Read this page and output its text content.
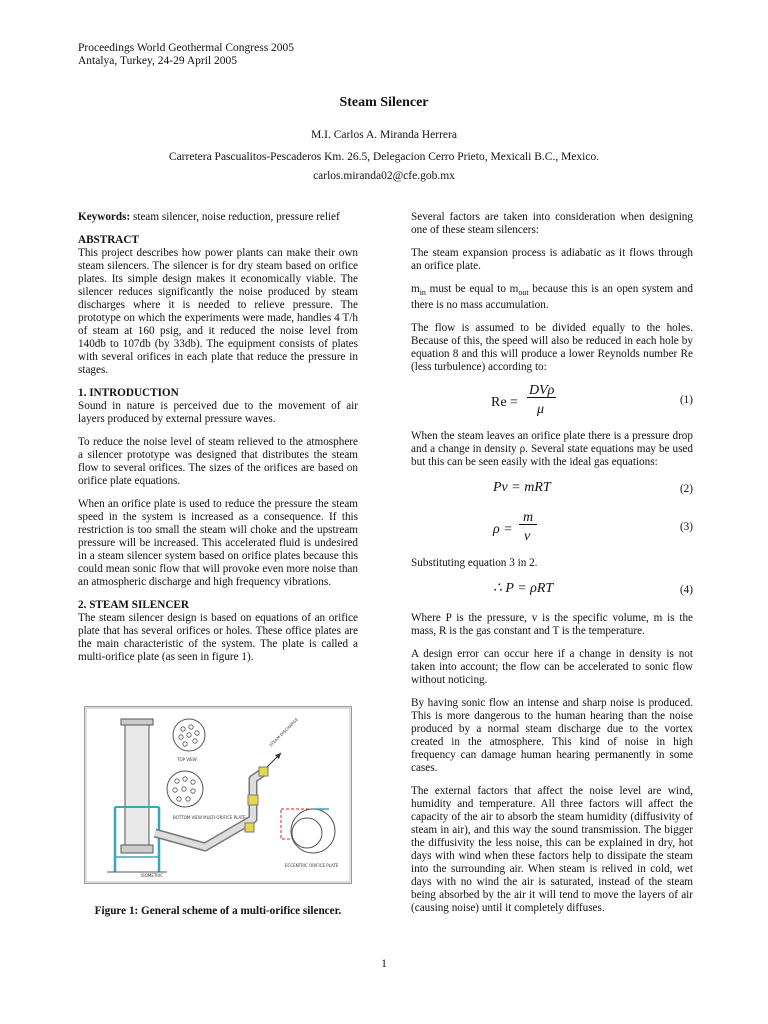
Proceedings World Geothermal Congress 2005
Antalya, Turkey, 24-29 April 2005
Steam Silencer
M.I. Carlos A. Miranda Herrera
Carretera Pascualitos-Pescaderos Km. 26.5, Delegacion Cerro Prieto, Mexicali B.C., Mexico.
carlos.miranda02@cfe.gob.mx

Keywords: steam silencer, noise reduction, pressure relief

ABSTRACT

This project describes how power plants can make their own steam silencers. The silencer is for dry steam based on orifice plates. Its simple design makes it economically viable. The silencer reduces significantly the noise produced by steam discharges where it is needed to relieve pressure. The prototype on which the experiments were made, handles 4 T/h of steam at 160 psig, and it reduced the noise level from 140db to 107db (by 33db). The equipment consists of plates with several orifices in each plate that reduce the pressure in stages.

1. INTRODUCTION

Sound in nature is perceived due to the movement of air layers produced by external pressure waves.

To reduce the noise level of steam relieved to the atmosphere a silencer prototype was designed that distributes the steam flow to several orifices. The sizes of the orifices are based on orifice plate equations.

When an orifice plate is used to reduce the pressure the steam speed in the system is increased as a consequence. If this restriction is too small the steam will choke and the upstream pressure will be increased. This accelerated fluid is undesired in a steam silencer system based on orifice plates because this could mean sonic flow that will provoke even more noise than an atmospheric discharge and high frequency vibrations.

2. STEAM SILENCER

The steam silencer design is based on equations of an orifice plate that has several orifices or holes. These office plates are the main characteristic of the system. The plate is called a multi-orifice plate (as seen in figure 1).

TOP VIEW
BOTTOM VIEW MULTI-ORIFICE PLATE
STEAM DISCHARGE
ECCENTRIC ORIFICE PLATE
ISOMETRIC
Figure 1: General scheme of a multi-orifice silencer.

Several factors are taken into consideration when designing one of these steam silencers:

The steam expansion process is adiabatic as it flows through an orifice plate.

$m_{in}$ must be equal to $m_{out}$ because this is an open system and there is no mass accumulation.

The flow is assumed to be divided equally to the holes. Because of this, the speed will also be reduced in each hole by equation 8 and this will produce a lower Reynolds number Re (less turbulence) according to:

Re =
DVρ
μ
(1)

When the steam leaves an orifice plate there is a pressure drop and a change in density ρ. Several state equations may be used but this can be seen easily with the ideal gas equations:

Pv = mRT	(2)
ρ =
m
v
(3)

Substituting equation 3 in 2.

∴ P = ρRT	(4)

Where P is the pressure, v is the specific volume, m is the mass, R is the gas constant and T is the temperature.

A design error can occur here if a change in density is not taken into account; the flow can be accelerated to sonic flow without noticing.

By having sonic flow an intense and sharp noise is produced. This is more dangerous to the human hearing than the noise produced by a normal steam discharge due to the vortex created in the atmosphere. This kind of noise in high frequency can damage human hearing permanently in some cases.

The external factors that affect the noise level are wind, humidity and temperature. All three factors will affect the capacity of the air to absorb the steam humidity (diffusivity of steam in air), and this way the sound transmission. The bigger the diffusivity the less noise, this can be explained in dry, hot days with wind when these factors help to dissipate the steam into the surrounding air. When steam is relived in cold, wet days with no wind the air is saturated, instead of the steam being absorbed by the air it will tend to move the layers of air (causing noise) until it completely diffuses.

1
